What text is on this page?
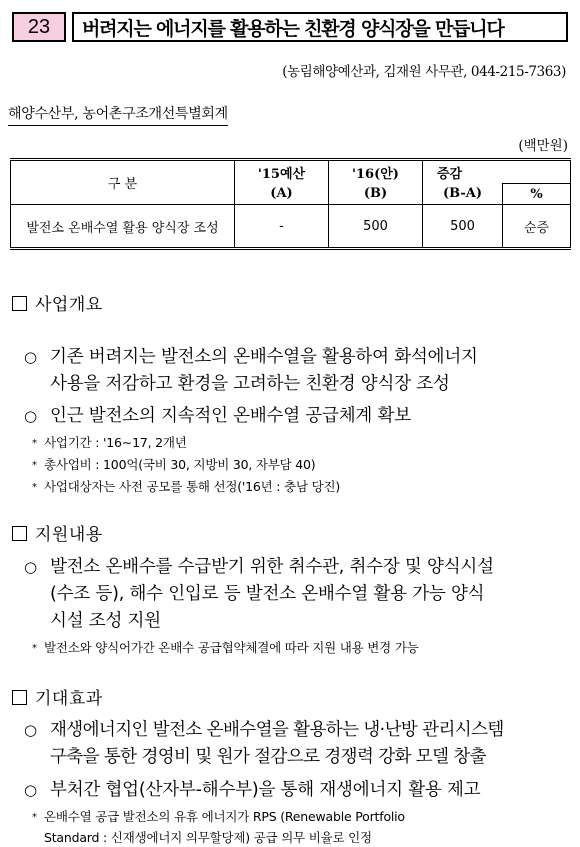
23	버려지는 에너지를 활용하는 친환경 양식장을 만듭니다
(농림해양예산과, 김재원 사무관, 044-215-7363)
해양수산부, 농어촌구조개선특별회계
(백만원)
구 분	'15예산	'16(안)	증감	
	(A)	(B)	(B-A)	%
발전소 온배수열 활용 양식장 조성	-	500	500	순증
사업개요
○ 기존 버려지는 발전소의 온배수열을 활용하여 화석에너지
사용을 저감하고 환경을 고려하는 친환경 양식장 조성
○ 인근 발전소의 지속적인 온배수열 공급체계 확보
* 사업기간 : '16∼17, 2개년
* 총사업비 : 100억(국비 30, 지방비 30, 자부담 40)
* 사업대상자는 사전 공모를 통해 선정('16년 : 충남 당진)
지원내용
○ 발전소 온배수를 수급받기 위한 취수관, 취수장 및 양식시설
(수조 등), 해수 인입로 등 발전소 온배수열 활용 가능 양식
시설 조성 지원
* 발전소와 양식어가간 온배수 공급협약체결에 따라 지원 내용 변경 가능
기대효과
○ 재생에너지인 발전소 온배수열을 활용하는 냉·난방 관리시스템
구축을 통한 경영비 및 원가 절감으로 경쟁력 강화 모델 창출
○ 부처간 협업(산자부-해수부)을 통해 재생에너지 활용 제고
* 온배수열 공급 발전소의 유휴 에너지가 RPS (Renewable Portfolio
Standard : 신재생에너지 의무할당제) 공급 의무 비율로 인정
